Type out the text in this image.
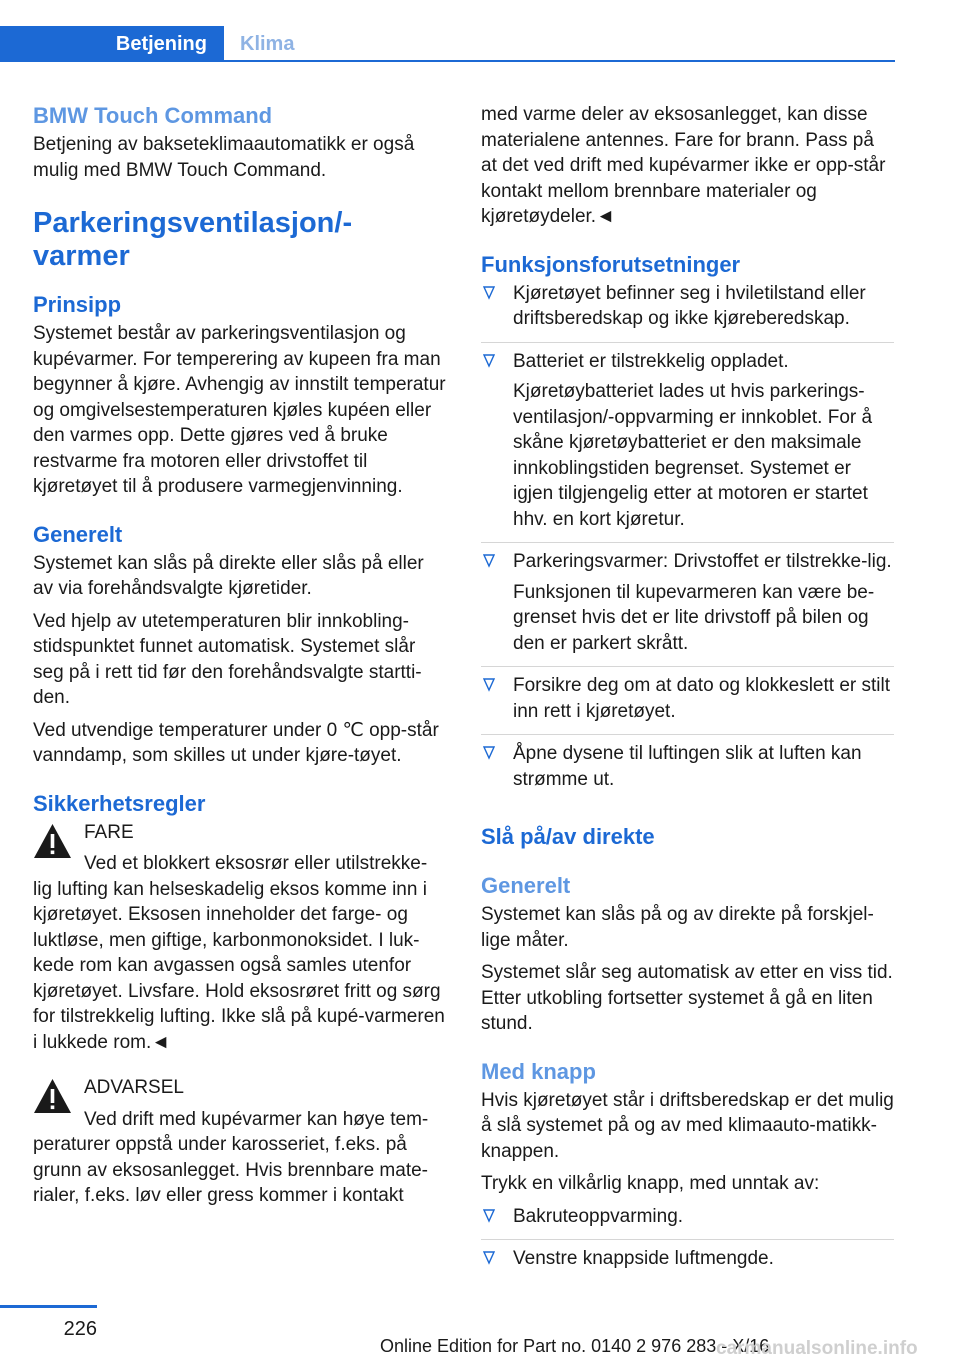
Betjening	Klima
BMW Touch Command

Betjening av bakseteklimaautomatikk er også mulig med BMW Touch Command.

Parkeringsventilasjon/-
varmer
Prinsipp

Systemet består av parkeringsventilasjon og kupévarmer. For temperering av kupeen fra man begynner å kjøre. Avhengig av innstilt temperatur og omgivelsestemperaturen kjøles kupéen eller den varmes opp. Dette gjøres ved å bruke restvarme fra motoren eller drivstoffet til kjøretøyet til å produsere varmegjenvinning.

Generelt

Systemet kan slås på direkte eller slås på eller av via forehåndsvalgte kjøretider.

Ved hjelp av utetemperaturen blir innkobling-stidspunktet funnet automatisk. Systemet slår seg på i rett tid før den forehåndsvalgte startti-den.

Ved utvendige temperaturer under 0 ℃ opp-står vanndamp, som skilles ut under kjøre-tøyet.

Sikkerhetsregler
FARE

Ved et blokkert eksosrør eller utilstrekke-

lig lufting kan helseskadelig eksos komme inn i kjøretøyet. Eksosen inneholder det farge- og luktløse, men giftige, karbonmonoksidet. I luk-kede rom kan avgassen også samles utenfor kjøretøyet. Livsfare. Hold eksosrøret fritt og sørg for tilstrekkelig lufting. Ikke slå på kupé-varmeren i lukkede rom.◄

ADVARSEL

Ved drift med kupévarmer kan høye tem-

peraturer oppstå under karosseriet, f.eks. på grunn av eksosanlegget. Hvis brennbare mate-rialer, f.eks. løv eller gress kommer i kontakt

med varme deler av eksosanlegget, kan disse materialene antennes. Fare for brann. Pass på at det ved drift med kupévarmer ikke er opp-står kontakt mellom brennbare materialer og kjøretøydeler.◄

Funksjonsforutsetninger

Kjøretøyet befinner seg i hviletilstand eller driftsberedskap og ikke kjøreberedskap.

Batteriet er tilstrekkelig oppladet.

Kjøretøybatteriet lades ut hvis parkerings-ventilasjon/-oppvarming er innkoblet. For å skåne kjøretøybatteriet er den maksimale innkoblingstiden begrenset. Systemet er igjen tilgjengelig etter at motoren er startet hhv. en kort kjøretur.

Parkeringsvarmer: Drivstoffet er tilstrekke-lig.

Funksjonen til kupevarmeren kan være be-grenset hvis det er lite drivstoff på bilen og den er parkert skrått.

Forsikre deg om at dato og klokkeslett er stilt inn rett i kjøretøyet.

Åpne dysene til luftingen slik at luften kan strømme ut.

Slå på/av direkte
Generelt

Systemet kan slås på og av direkte på forskjel-lige måter.

Systemet slår seg automatisk av etter en viss tid. Etter utkobling fortsetter systemet å gå en liten stund.

Med knapp

Hvis kjøretøyet står i driftsberedskap er det mulig å slå systemet på og av med klimaauto-matikk-knappen.

Trykk en vilkårlig knapp, med unntak av:

Bakruteoppvarming.

Venstre knappside luftmengde.

226
Online Edition for Part no. 0140 2 976 283 - X/16
carmanualsonline.info
